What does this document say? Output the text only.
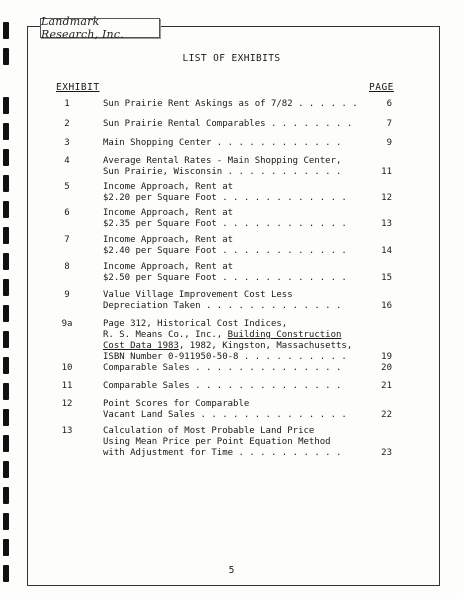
Landmark Research, Inc.
LIST OF EXHIBITS
EXHIBIT	PAGE
1	Sun Prairie Rent Askings as of 7/82 . . . . . .	6
2	Sun Prairie Rental Comparables . . . . . . . .	7
3	Main Shopping Center . . . . . . . . . . . .	9
4	Average Rental Rates - Main Shopping Center,
Sun Prairie, Wisconsin . . . . . . . . . . .	11
5	Income Approach, Rent at
$2.20 per Square Foot . . . . . . . . . . . .	12
6	Income Approach, Rent at
$2.35 per Square Foot . . . . . . . . . . . .	13
7	Income Approach, Rent at
$2.40 per Square Foot . . . . . . . . . . . .	14
8	Income Approach, Rent at
$2.50 per Square Foot . . . . . . . . . . . .	15
9	Value Village Improvement Cost Less
Depreciation Taken . . . . . . . . . . . . .	16
9a	Page 312, Historical Cost Indices,
R. S. Means Co., Inc., Building Construction
Cost Data 1983, 1982, Kingston, Massachusetts,
ISBN Number 0-911950-50-8 . . . . . . . . . .	19
10	Comparable Sales . . . . . . . . . . . . . .	20
11	Comparable Sales . . . . . . . . . . . . . .	21
12	Point Scores for Comparable
Vacant Land Sales . . . . . . . . . . . . . .	22
13	Calculation of Most Probable Land Price
Using Mean Price per Point Equation Method
with Adjustment for Time . . . . . . . . . .	23
5
